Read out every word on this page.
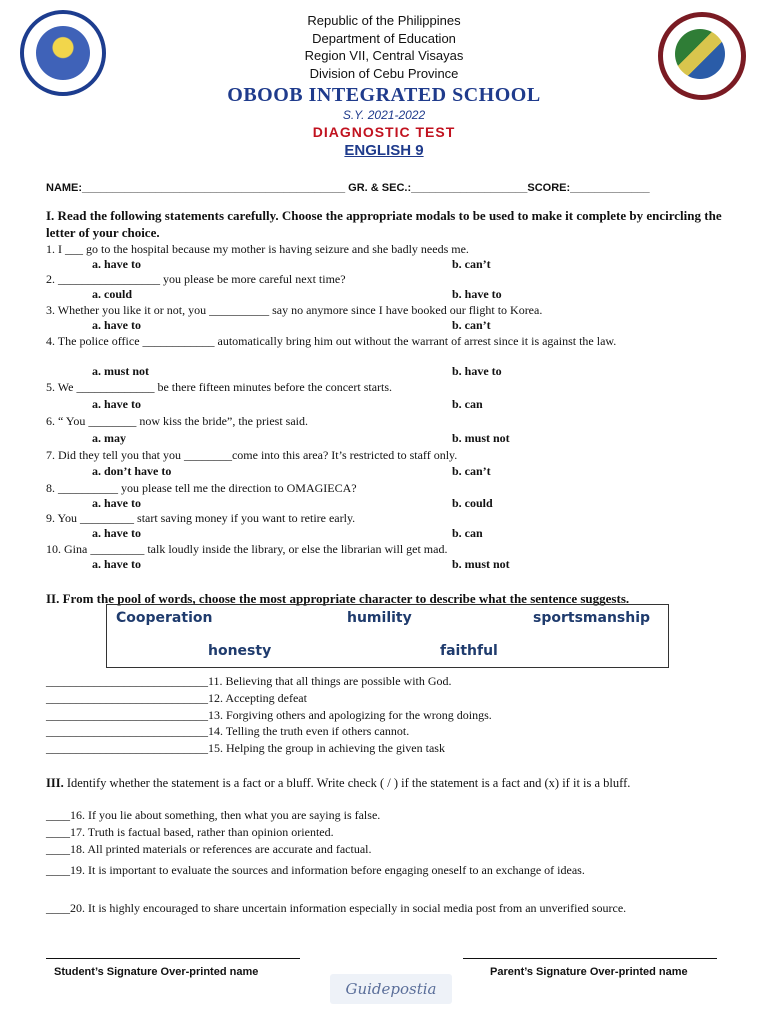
Republic of the Philippines
Department of Education
Region VII, Central Visayas
Division of Cebu Province
OBOOB INTEGRATED SCHOOL
S.Y. 2021-2022
DIAGNOSTIC TEST
ENGLISH 9
NAME:___________________________________________ GR. & SEC.:___________________SCORE:_____________
I. Read the following statements carefully. Choose the appropriate modals to be used to make it complete by encircling the letter of your choice.
1. I ___ go to the hospital because my mother is having seizure and she badly needs me.
a. have to	b. can’t
2. _________________ you please be more careful next time?
a. could	b. have to
3. Whether you like it or not, you __________ say no anymore since I have booked our flight to Korea.
a. have to	b. can’t
4. The police office ____________ automatically bring him out without the warrant of arrest since it is against the law.
a. must not	b. have to
5. We _____________ be there fifteen minutes before the concert starts.
a. have to	b. can
6. “ You ________ now kiss the bride”, the priest said.
a. may	b. must not
7. Did they tell you that you ________come into this area? It’s restricted to staff only.
a. don’t have to	b. can’t
8. __________ you please tell me the direction to OMAGIECA?
a. have to	b. could
9. You _________ start saving money if you want to retire early.
a. have to	b. can
10. Gina _________ talk loudly inside the library, or else the librarian will get mad.
a. have to	b. must not
II. From the pool of words, choose the most appropriate character to describe what the sentence suggests.
Cooperation	humility	sportsmanship
honesty	faithful
___________________________11. Believing that all things are possible with God.
___________________________12. Accepting defeat
___________________________13. Forgiving others and apologizing for the wrong doings.
___________________________14. Telling the truth even if others cannot.
___________________________15. Helping the group in achieving the given task
III. Identify whether the statement is a fact or a bluff. Write check ( / ) if the statement is a fact and (x) if it is a bluff.
____16. If you lie about something, then what you are saying is false.
____17. Truth is factual based, rather than opinion oriented.
____18. All printed materials or references are accurate and factual.
____19. It is important to evaluate the sources and information before engaging oneself to an exchange of ideas.
____20. It is highly encouraged to share uncertain information especially in social media post from an unverified source.
Student’s Signature Over-printed name	Parent’s Signature Over-printed name
Guidepostia
